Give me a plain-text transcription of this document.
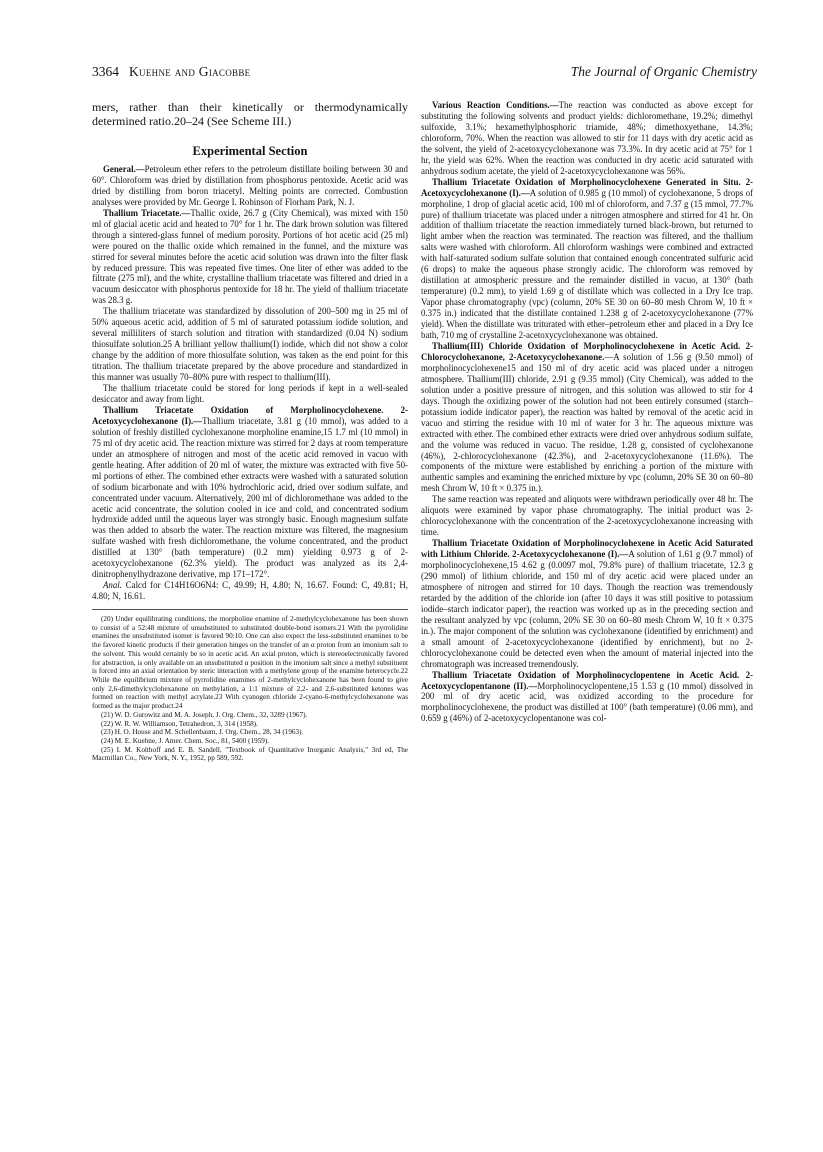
3364 Kuehne and Giacobbe	The Journal of Organic Chemistry

mers, rather than their kinetically or thermodynamically determined ratio.20–24 (See Scheme III.)

Experimental Section

General.—Petroleum ether refers to the petroleum distillate boiling between 30 and 60°. Chloroform was dried by distillation from phosphorus pentoxide. Acetic acid was dried by distilling from boron triacetyl. Melting points are corrected. Combustion analyses were provided by Mr. George I. Robinson of Florham Park, N. J.

Thallium Triacetate.—Thallic oxide, 26.7 g (City Chemical), was mixed with 150 ml of glacial acetic acid and heated to 70° for 1 hr. The dark brown solution was filtered through a sintered-glass funnel of medium porosity. Portions of hot acetic acid (25 ml) were poured on the thallic oxide which remained in the funnel, and the mixture was stirred for several minutes before the acetic acid solution was drawn into the filter flask by reduced pressure. This was repeated five times. One liter of ether was added to the filtrate (275 ml), and the white, crystalline thallium triacetate was filtered and dried in a vacuum desiccator with phosphorus pentoxide for 18 hr. The yield of thallium triacetate was 28.3 g.

The thallium triacetate was standardized by dissolution of 200–500 mg in 25 ml of 50% aqueous acetic acid, addition of 5 ml of saturated potassium iodide solution, and several milliliters of starch solution and titration with standardized (0.04 N) sodium thiosulfate solution.25 A brilliant yellow thallium(I) iodide, which did not show a color change by the addition of more thiosulfate solution, was taken as the end point for this titration. The thallium triacetate prepared by the above procedure and standardized in this manner was usually 70–80% pure with respect to thallium(III).

The thallium triacetate could be stored for long periods if kept in a well-sealed desiccator and away from light.

Thallium Triacetate Oxidation of Morpholinocyclohexene. 2-Acetoxycyclohexanone (I).—Thallium triacetate, 3.81 g (10 mmol), was added to a solution of freshly distilled cyclohexanone morpholine enamine,15 1.7 ml (10 mmol) in 75 ml of dry acetic acid. The reaction mixture was stirred for 2 days at room temperature under an atmosphere of nitrogen and most of the acetic acid removed in vacuo with gentle heating. After addition of 20 ml of water, the mixture was extracted with five 50-ml portions of ether. The combined ether extracts were washed with a saturated solution of sodium bicarbonate and with 10% hydrochloric acid, dried over sodium sulfate, and concentrated under vacuum. Alternatively, 200 ml of dichloromethane was added to the acetic acid concentrate, the solution cooled in ice and cold, and concentrated sodium hydroxide added until the aqueous layer was strongly basic. Enough magnesium sulfate was then added to absorb the water. The reaction mixture was filtered, the magnesium sulfate washed with fresh dichloromethane, the volume concentrated, and the product distilled at 130° (bath temperature) (0.2 mm) yielding 0.973 g of 2-acetoxycyclohexanone (62.3% yield). The product was analyzed as its 2,4-dinitrophenylhydrazone derivative, mp 171–172°.

Anal. Calcd for C14H16O6N4: C, 49.99; H, 4.80; N, 16.67. Found: C, 49.81; H, 4.80; N, 16.61.

(20) Under equilibrating conditions, the morpholine enamine of 2-methylcyclohexanone has been shown to consist of a 52:48 mixture of unsubstituted to substituted double-bond isomers.21 With the pyrrolidine enamines the unsubstituted isomer is favored 90:10. One can also expect the less-substituted enamines to be the favored kinetic products if their generation hinges on the transfer of an α proton from an imonium salt to the solvent. This would certainly be so in acetic acid. An axial proton, which is stereoelectronically favored for abstraction, is only available on an unsubstituted α position in the imonium salt since a methyl substituent is forced into an axial orientation by steric interaction with a methylene group of the enamine heterocycle.22 While the equilibrium mixture of pyrrolidine enamines of 2-methylcyclohexanone has been found to give only 2,6-dimethylcyclohexanone on methylation, a 1:1 mixture of 2,2- and 2,6-substituted ketones was formed on reaction with methyl acrylate.23 With cyanogen chloride 2-cyano-6-methylcyclohexanone was formed as the major product.24

(21) W. D. Gurowitz and M. A. Joseph, J. Org. Chem., 32, 3289 (1967).

(22) W. R. W. Williamson, Tetrahedron, 3, 314 (1958).

(23) H. O. House and M. Schellenbaum, J. Org. Chem., 28, 34 (1963).

(24) M. E. Kuehne, J. Amer. Chem. Soc., 81, 5400 (1959).

(25) I. M. Kolthoff and E. B. Sandell, "Textbook of Quantitative Inorganic Analysis," 3rd ed, The Macmillan Co., New York, N. Y., 1952, pp 589, 592.

Various Reaction Conditions.—The reaction was conducted as above except for substituting the following solvents and product yields: dichloromethane, 19.2%; dimethyl sulfoxide, 3.1%; hexamethylphosphoric triamide, 48%; dimethoxyethane, 14.3%; chloroform, 70%. When the reaction was allowed to stir for 11 days with dry acetic acid as the solvent, the yield of 2-acetoxycyclohexanone was 73.3%. In dry acetic acid at 75° for 1 hr, the yield was 62%. When the reaction was conducted in dry acetic acid saturated with anhydrous sodium acetate, the yield of 2-acetoxycyclohexanone was 56%.

Thallium Triacetate Oxidation of Morpholinocyclohexene Generated in Situ. 2-Acetoxycyclohexanone (I).—A solution of 0.985 g (10 mmol) of cyclohexanone, 5 drops of morpholine, 1 drop of glacial acetic acid, 100 ml of chloroform, and 7.37 g (15 mmol, 77.7% pure) of thallium triacetate was placed under a nitrogen atmosphere and stirred for 41 hr. On addition of thallium triacetate the reaction immediately turned black-brown, but returned to light amber when the reaction was terminated. The reaction was filtered, and the thallium salts were washed with chloroform. All chloroform washings were combined and extracted with half-saturated sodium sulfate solution that contained enough concentrated sulfuric acid (6 drops) to make the aqueous phase strongly acidic. The chloroform was removed by distillation at atmospheric pressure and the remainder distilled in vacuo, at 130° (bath temperature) (0.2 mm), to yield 1.69 g of distillate which was collected in a Dry Ice trap. Vapor phase chromatography (vpc) (column, 20% SE 30 on 60–80 mesh Chrom W, 10 ft × 0.375 in.) indicated that the distillate contained 1.238 g of 2-acetoxycyclohexanone (77% yield). When the distillate was triturated with ether–petroleum ether and placed in a Dry Ice bath, 710 mg of crystalline 2-acetoxycyclohexanone was obtained.

Thallium(III) Chloride Oxidation of Morpholinocyclohexene in Acetic Acid. 2-Chlorocyclohexanone, 2-Acetoxycyclohexanone.—A solution of 1.56 g (9.50 mmol) of morpholinocyclohexene15 and 150 ml of dry acetic acid was placed under a nitrogen atmosphere. Thallium(III) chloride, 2.91 g (9.35 mmol) (City Chemical), was added to the solution under a positive pressure of nitrogen, and this solution was allowed to stir for 4 days. Though the oxidizing power of the solution had not been entirely consumed (starch–potassium iodide indicator paper), the reaction was halted by removal of the acetic acid in vacuo and stirring the residue with 10 ml of water for 3 hr. The aqueous mixture was extracted with ether. The combined ether extracts were dried over anhydrous sodium sulfate, and the volume was reduced in vacuo. The residue, 1.28 g, consisted of cyclohexanone (46%), 2-chlorocyclohexanone (42.3%), and 2-acetoxycyclohexanone (11.6%). The components of the mixture were established by enriching a portion of the mixture with authentic samples and examining the enriched mixture by vpc (column, 20% SE 30 on 60–80 mesh Chrom W, 10 ft × 0.375 in.).

The same reaction was repeated and aliquots were withdrawn periodically over 48 hr. The aliquots were examined by vapor phase chromatography. The initial product was 2-chlorocyclohexanone with the concentration of the 2-acetoxycyclohexanone increasing with time.

Thallium Triacetate Oxidation of Morpholinocyclohexene in Acetic Acid Saturated with Lithium Chloride. 2-Acetoxycyclohexanone (I).—A solution of 1.61 g (9.7 mmol) of morpholinocyclohexene,15 4.62 g (0.0097 mol, 79.8% pure) of thallium triacetate, 12.3 g (290 mmol) of lithium chloride, and 150 ml of dry acetic acid were placed under an atmosphere of nitrogen and stirred for 10 days. Though the reaction was tremendously retarded by the addition of the chloride ion (after 10 days it was still positive to potassium iodide–starch indicator paper), the reaction was worked up as in the preceding section and the resultant analyzed by vpc (column, 20% SE 30 on 60–80 mesh Chrom W, 10 ft × 0.375 in.). The major component of the solution was cyclohexanone (identified by enrichment) and a small amount of 2-acetoxycyclohexanone (identified by enrichment), but no 2-chlorocyclohexanone could be detected even when the amount of material injected into the chromatograph was increased tremendously.

Thallium Triacetate Oxidation of Morpholinocyclopentene in Acetic Acid. 2-Acetoxycyclopentanone (II).—Morpholinocyclopentene,15 1.53 g (10 mmol) dissolved in 200 ml of dry acetic acid, was oxidized according to the procedure for morpholinocyclohexene, the product was distilled at 100° (bath temperature) (0.06 mm), and 0.659 g (46%) of 2-acetoxycyclopentanone was col-
